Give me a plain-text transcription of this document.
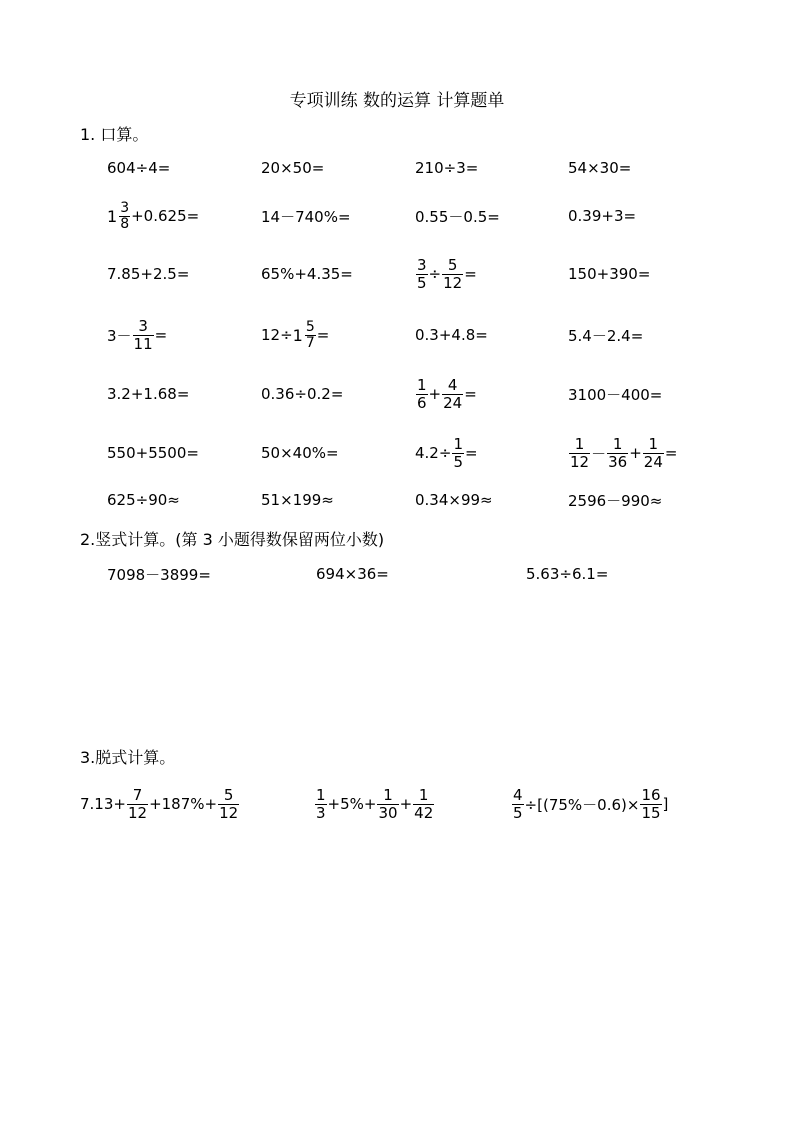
专项训练 数的运算 计算题单
1. 口算。
604÷4=	20×50=	210÷3=	54×30=
$1 \frac{3}{8} +0.625=$	14－740%=	0.55－0.5=	0.39+3=
7.85+2.5=	65%+4.35=	$\frac{3}{5} \div \frac{5}{12}$ =	150+390=
$3- \frac{3}{11}$ =	$12\div 1 \frac{5}{7}$ =	0.3+4.8=	5.4－2.4=
3.2+1.68=	0.36÷0.2=	$\frac{1}{6} + \frac{4}{24}$ =	3100－400=
550+5500=	50×40%=	$4.2\div \frac{1}{5}$ =	$\frac{1}{12} - \frac{1}{36} + \frac{1}{24}$ =
625÷90≈	51×199≈	0.34×99≈	2596－990≈
2.竖式计算。(第 3 小题得数保留两位小数)
7098－3899=	694×36=	5.63÷6.1=
3.脱式计算。
$7.13+ \frac{7}{12} +187\%+ \frac{5}{12}$	$\frac{1}{3} +5\%+ \frac{1}{30} + \frac{1}{42}$	$\frac{4}{5} \div[(75\%-0.6)\times \frac{16}{15}$ ]
